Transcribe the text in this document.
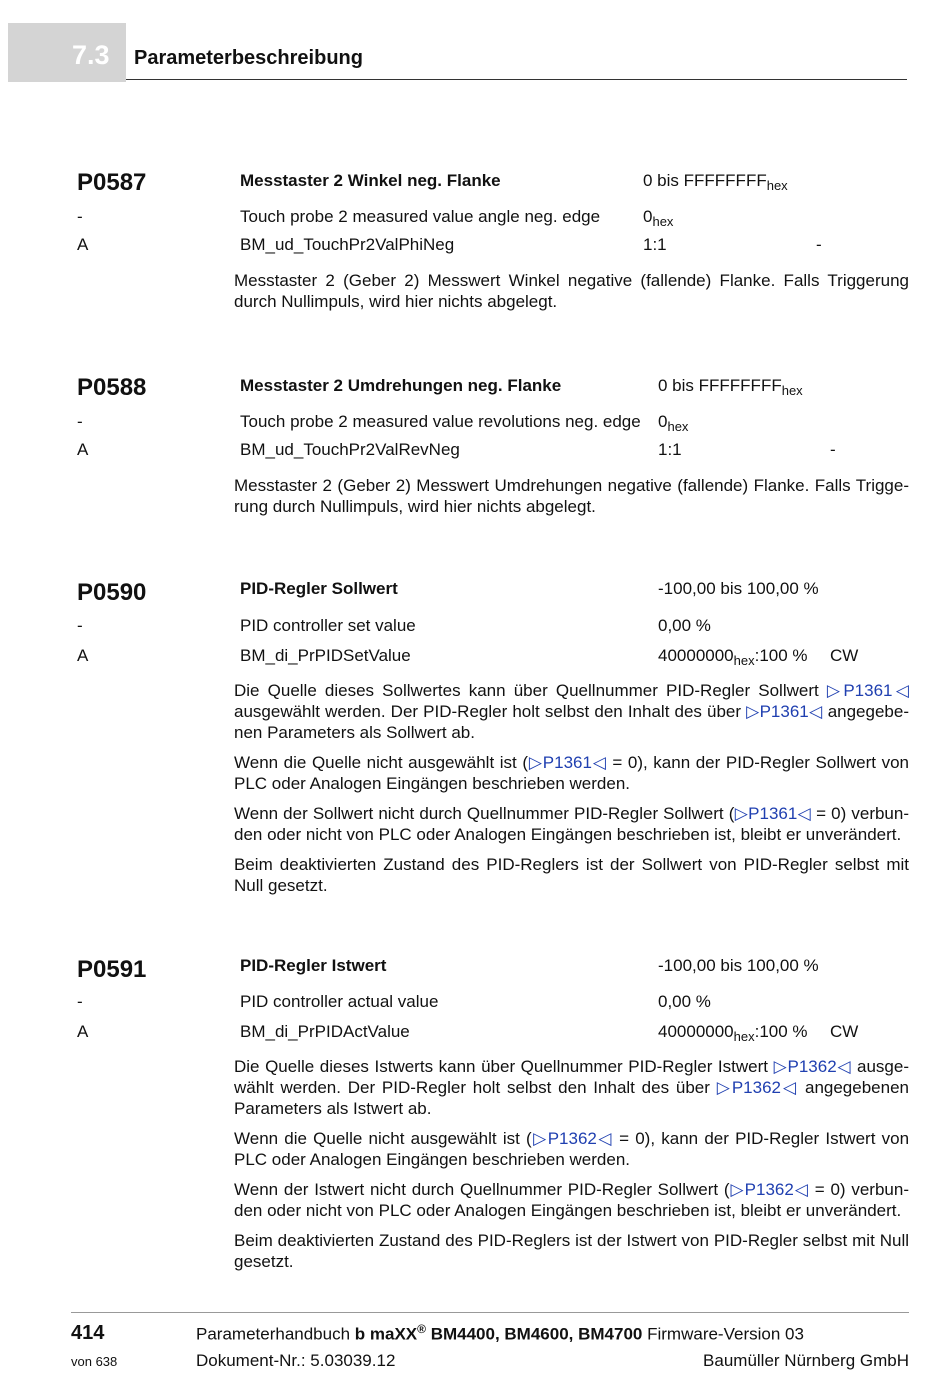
7.3 Parameterbeschreibung
P0587	Messtaster 2 Winkel neg. Flanke	0 bis $FFFFFFFF_{hex}$
-	Touch probe 2 measured value angle neg. edge	$0_{hex}$
A	BM_ud_TouchPr2ValPhiNeg	1:1	-

Messtaster 2 (Geber 2) Messwert Winkel negative (fallende) Flanke. Falls Triggerung durch Nullimpuls, wird hier nichts abgelegt.

P0588	Messtaster 2 Umdrehungen neg. Flanke	0 bis $FFFFFFFF_{hex}$
-	Touch probe 2 measured value revolutions neg. edge $0_{hex}$
A	BM_ud_TouchPr2ValRevNeg	1:1	-

Messtaster 2 (Geber 2) Messwert Umdrehungen negative (fallende) Flanke. Falls Trigge-rung durch Nullimpuls, wird hier nichts abgelegt.

P0590	PID-Regler Sollwert	-100,00 bis 100,00 %
-	PID controller set value	0,00 %
A	BM_di_PrPIDSetValue	$40000000_{hex}:100$ % CW

Die Quelle dieses Sollwertes kann über Quellnummer PID-Regler Sollwert ▷P1361◁ ausgewählt werden. Der PID-Regler holt selbst den Inhalt des über ▷P1361◁ angegebe-nen Parameters als Sollwert ab.

Wenn die Quelle nicht ausgewählt ist (▷P1361◁ = 0), kann der PID-Regler Sollwert von PLC oder Analogen Eingängen beschrieben werden.

Wenn der Sollwert nicht durch Quellnummer PID-Regler Sollwert (▷P1361◁ = 0) verbun-den oder nicht von PLC oder Analogen Eingängen beschrieben ist, bleibt er unverändert.

Beim deaktivierten Zustand des PID-Reglers ist der Sollwert von PID-Regler selbst mit Null gesetzt.

P0591	PID-Regler Istwert	-100,00 bis 100,00 %
-	PID controller actual value	0,00 %
A	BM_di_PrPIDActValue	$40000000_{hex}:100$ % CW

Die Quelle dieses Istwerts kann über Quellnummer PID-Regler Istwert ▷P1362◁ ausge-wählt werden. Der PID-Regler holt selbst den Inhalt des über ▷P1362◁ angegebenen Parameters als Istwert ab.

Wenn die Quelle nicht ausgewählt ist (▷P1362◁ = 0), kann der PID-Regler Istwert von PLC oder Analogen Eingängen beschrieben werden.

Wenn der Istwert nicht durch Quellnummer PID-Regler Sollwert (▷P1362◁ = 0) verbun-den oder nicht von PLC oder Analogen Eingängen beschrieben ist, bleibt er unverändert.

Beim deaktivierten Zustand des PID-Reglers ist der Istwert von PID-Regler selbst mit Null gesetzt.

414
von 638
Parameterhandbuch b maXX® BM4400, BM4600, BM4700 Firmware-Version 03
Dokument-Nr.: 5.03039.12	Baumüller Nürnberg GmbH
